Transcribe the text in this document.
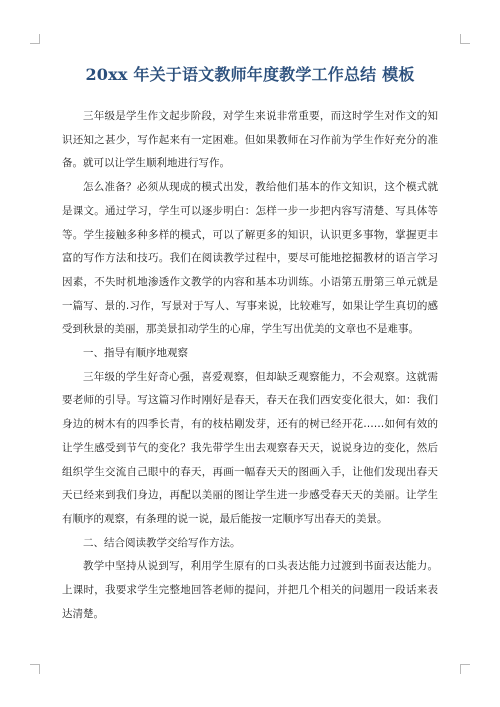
20xx 年关于语文教师年度教学工作总结 模板

三年级是学生作文起步阶段，对学生来说非常重要，而这时学生对作文的知识还知之甚少，写作起来有一定困难。但如果教师在习作前为学生作好充分的准备。就可以让学生顺利地进行写作。

怎么准备？必须从现成的模式出发，教给他们基本的作文知识，这个模式就是课文。通过学习，学生可以逐步明白：怎样一步一步把内容写清楚、写具体等等。学生接触多种多样的模式，可以了解更多的知识，认识更多事物，掌握更丰富的写作方法和技巧。我们在阅读教学过程中，要尽可能地挖掘教材的语言学习因素，不失时机地渗透作文教学的内容和基本功训练。小语第五册第三单元就是一篇写、景的.习作，写景对于写人、写事来说，比较难写，如果让学生真切的感受到秋景的美丽，那美景扣动学生的心扉，学生写出优美的文章也不是难事。

一、指导有顺序地观察

三年级的学生好奇心强，喜爱观察，但却缺乏观察能力，不会观察。这就需要老师的引导。写这篇习作时刚好是春天，春天在我们西安变化很大，如：我们身边的树木有的四季长青，有的枝枯剛发芽，还有的树已经开花……如何有效的让学生感受到节气的变化？我先带学生出去观察春天天，说说身边的变化，然后组织学生交流自己眼中的春天，再画一幅春天天的图画入手，让他们发现出春天天已经来到我们身边，再配以美丽的图让学生进一步感受春天天的美丽。让学生有顺序的观察，有条理的说一说，最后能按一定顺序写出春天的美景。

二、结合阅读教学交给写作方法。

教学中坚持从说到写，利用学生原有的口头表达能力过渡到书面表达能力。上课时，我要求学生完整地回答老师的提问，并把几个相关的问题用一段话来表达清楚。
